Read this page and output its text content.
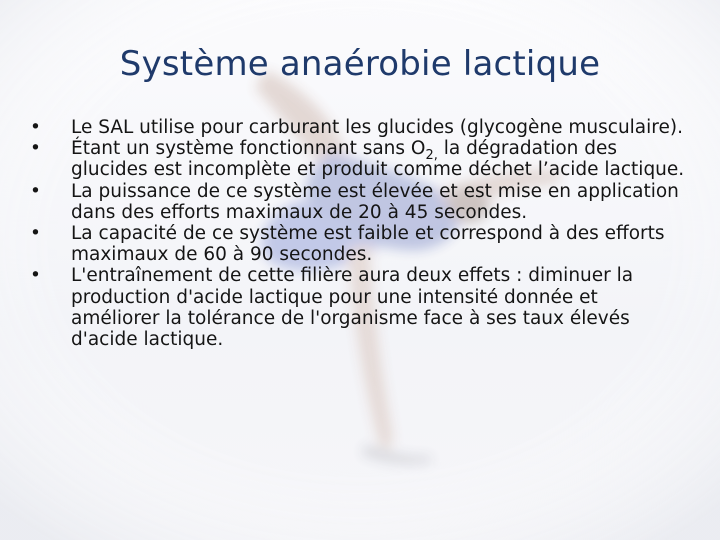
Système anaérobie lactique
•	Le SAL utilise pour carburant les glucides (glycogène musculaire).
•	Étant un système fonctionnant sans $O_{2,}$ la dégradation des glucides est incomplète et produit comme déchet l’acide lactique.
•	La puissance de ce système est élevée et est mise en application dans des efforts maximaux de 20 à 45 secondes.
•	La capacité de ce système est faible et correspond à des efforts maximaux de 60 à 90 secondes.
•	L'entraînement de cette filière aura deux effets : diminuer la production d'acide lactique pour une intensité donnée et améliorer la tolérance de l'organisme face à ses taux élevés d'acide lactique.
